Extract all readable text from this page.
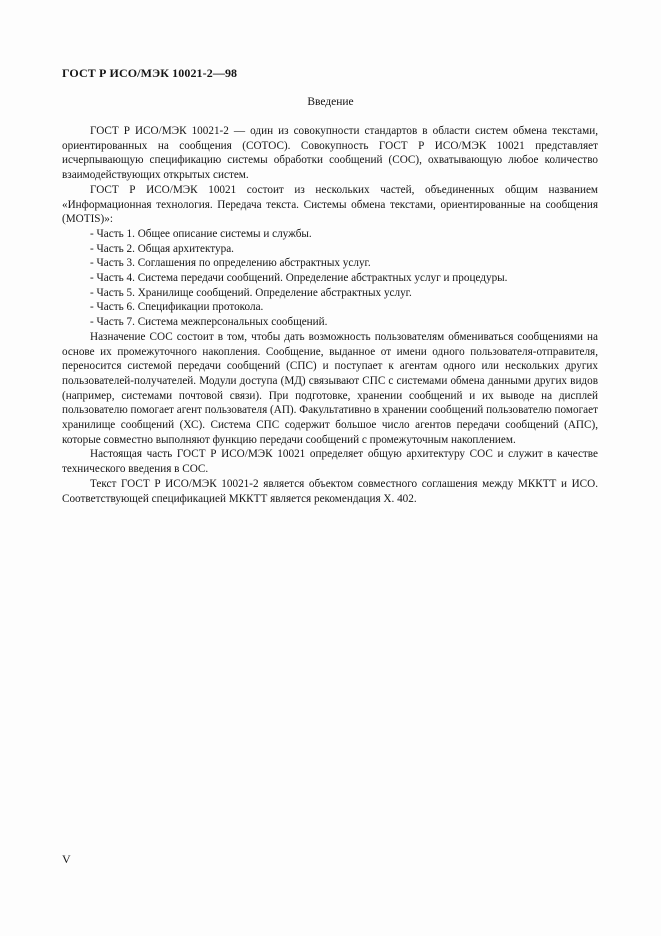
ГОСТ Р ИСО/МЭК 10021-2—98
Введение

ГОСТ Р ИСО/МЭК 10021-2 — один из совокупности стандартов в области систем обмена текстами, ориентированных на сообщения (СОТОС). Совокупность ГОСТ Р ИСО/МЭК 10021 представляет исчерпывающую спецификацию системы обработки сообщений (СОС), охватывающую любое количество взаимодействующих открытых систем.

ГОСТ Р ИСО/МЭК 10021 состоит из нескольких частей, объединенных общим названием «Информационная технология. Передача текста. Системы обмена текстами, ориентированные на сообщения (MOTIS)»:

- Часть 1. Общее описание системы и службы.
- Часть 2. Общая архитектура.
- Часть 3. Соглашения по определению абстрактных услуг.
- Часть 4. Система передачи сообщений. Определение абстрактных услуг и процедуры.
- Часть 5. Хранилище сообщений. Определение абстрактных услуг.
- Часть 6. Спецификации протокола.
- Часть 7. Система межперсональных сообщений.

Назначение СОС состоит в том, чтобы дать возможность пользователям обмениваться сообщениями на основе их промежуточного накопления. Сообщение, выданное от имени одного пользователя-отправителя, переносится системой передачи сообщений (СПС) и поступает к агентам одного или нескольких других пользователей-получателей. Модули доступа (МД) связывают СПС с системами обмена данными других видов (например, системами почтовой связи). При подготовке, хранении сообщений и их выводе на дисплей пользователю помогает агент пользователя (АП). Факультативно в хранении сообщений пользователю помогает хранилище сообщений (ХС). Система СПС содержит большое число агентов передачи сообщений (АПС), которые совместно выполняют функцию передачи сообщений с промежуточным накоплением.

Настоящая часть ГОСТ Р ИСО/МЭК 10021 определяет общую архитектуру СОС и служит в качестве технического введения в СОС.

Текст ГОСТ Р ИСО/МЭК 10021-2 является объектом совместного соглашения между МККТТ и ИСО. Соответствующей спецификацией МККТТ является рекомендация X. 402.

V
